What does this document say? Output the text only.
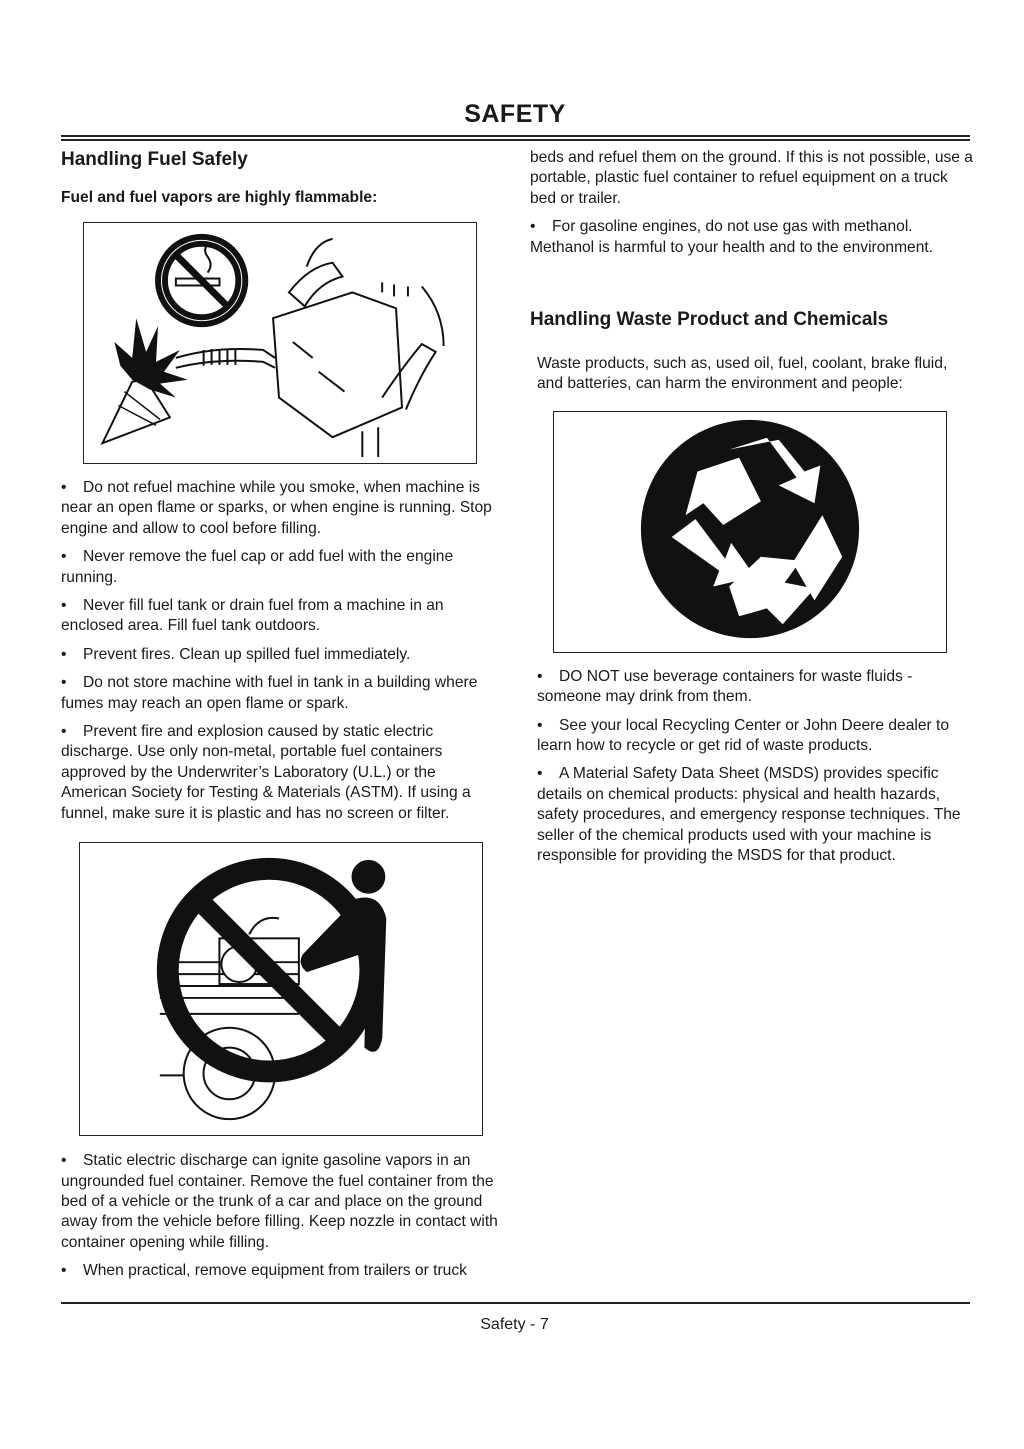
SAFETY
Handling Fuel Safely
Fuel and fuel vapors are highly flammable:

• Do not refuel machine while you smoke, when machine is near an open flame or sparks, or when engine is running. Stop engine and allow to cool before filling.

• Never remove the fuel cap or add fuel with the engine running.

• Never fill fuel tank or drain fuel from a machine in an enclosed area. Fill fuel tank outdoors.

• Prevent fires. Clean up spilled fuel immediately.

• Do not store machine with fuel in tank in a building where fumes may reach an open flame or spark.

• Prevent fire and explosion caused by static electric discharge. Use only non-metal, portable fuel containers approved by the Underwriter’s Laboratory (U.L.) or the American Society for Testing & Materials (ASTM). If using a funnel, make sure it is plastic and has no screen or filter.

• Static electric discharge can ignite gasoline vapors in an ungrounded fuel container. Remove the fuel container from the bed of a vehicle or the trunk of a car and place on the ground away from the vehicle before filling. Keep nozzle in contact with container opening while filling.

• When practical, remove equipment from trailers or truck

beds and refuel them on the ground. If this is not possible, use a portable, plastic fuel container to refuel equipment on a truck bed or trailer.

• For gasoline engines, do not use gas with methanol. Methanol is harmful to your health and to the environment.

Handling Waste Product and Chemicals

Waste products, such as, used oil, fuel, coolant, brake fluid, and batteries, can harm the environment and people:

• DO NOT use beverage containers for waste fluids - someone may drink from them.

• See your local Recycling Center or John Deere dealer to learn how to recycle or get rid of waste products.

• A Material Safety Data Sheet (MSDS) provides specific details on chemical products: physical and health hazards, safety procedures, and emergency response techniques. The seller of the chemical products used with your machine is responsible for providing the MSDS for that product.

Safety - 7
